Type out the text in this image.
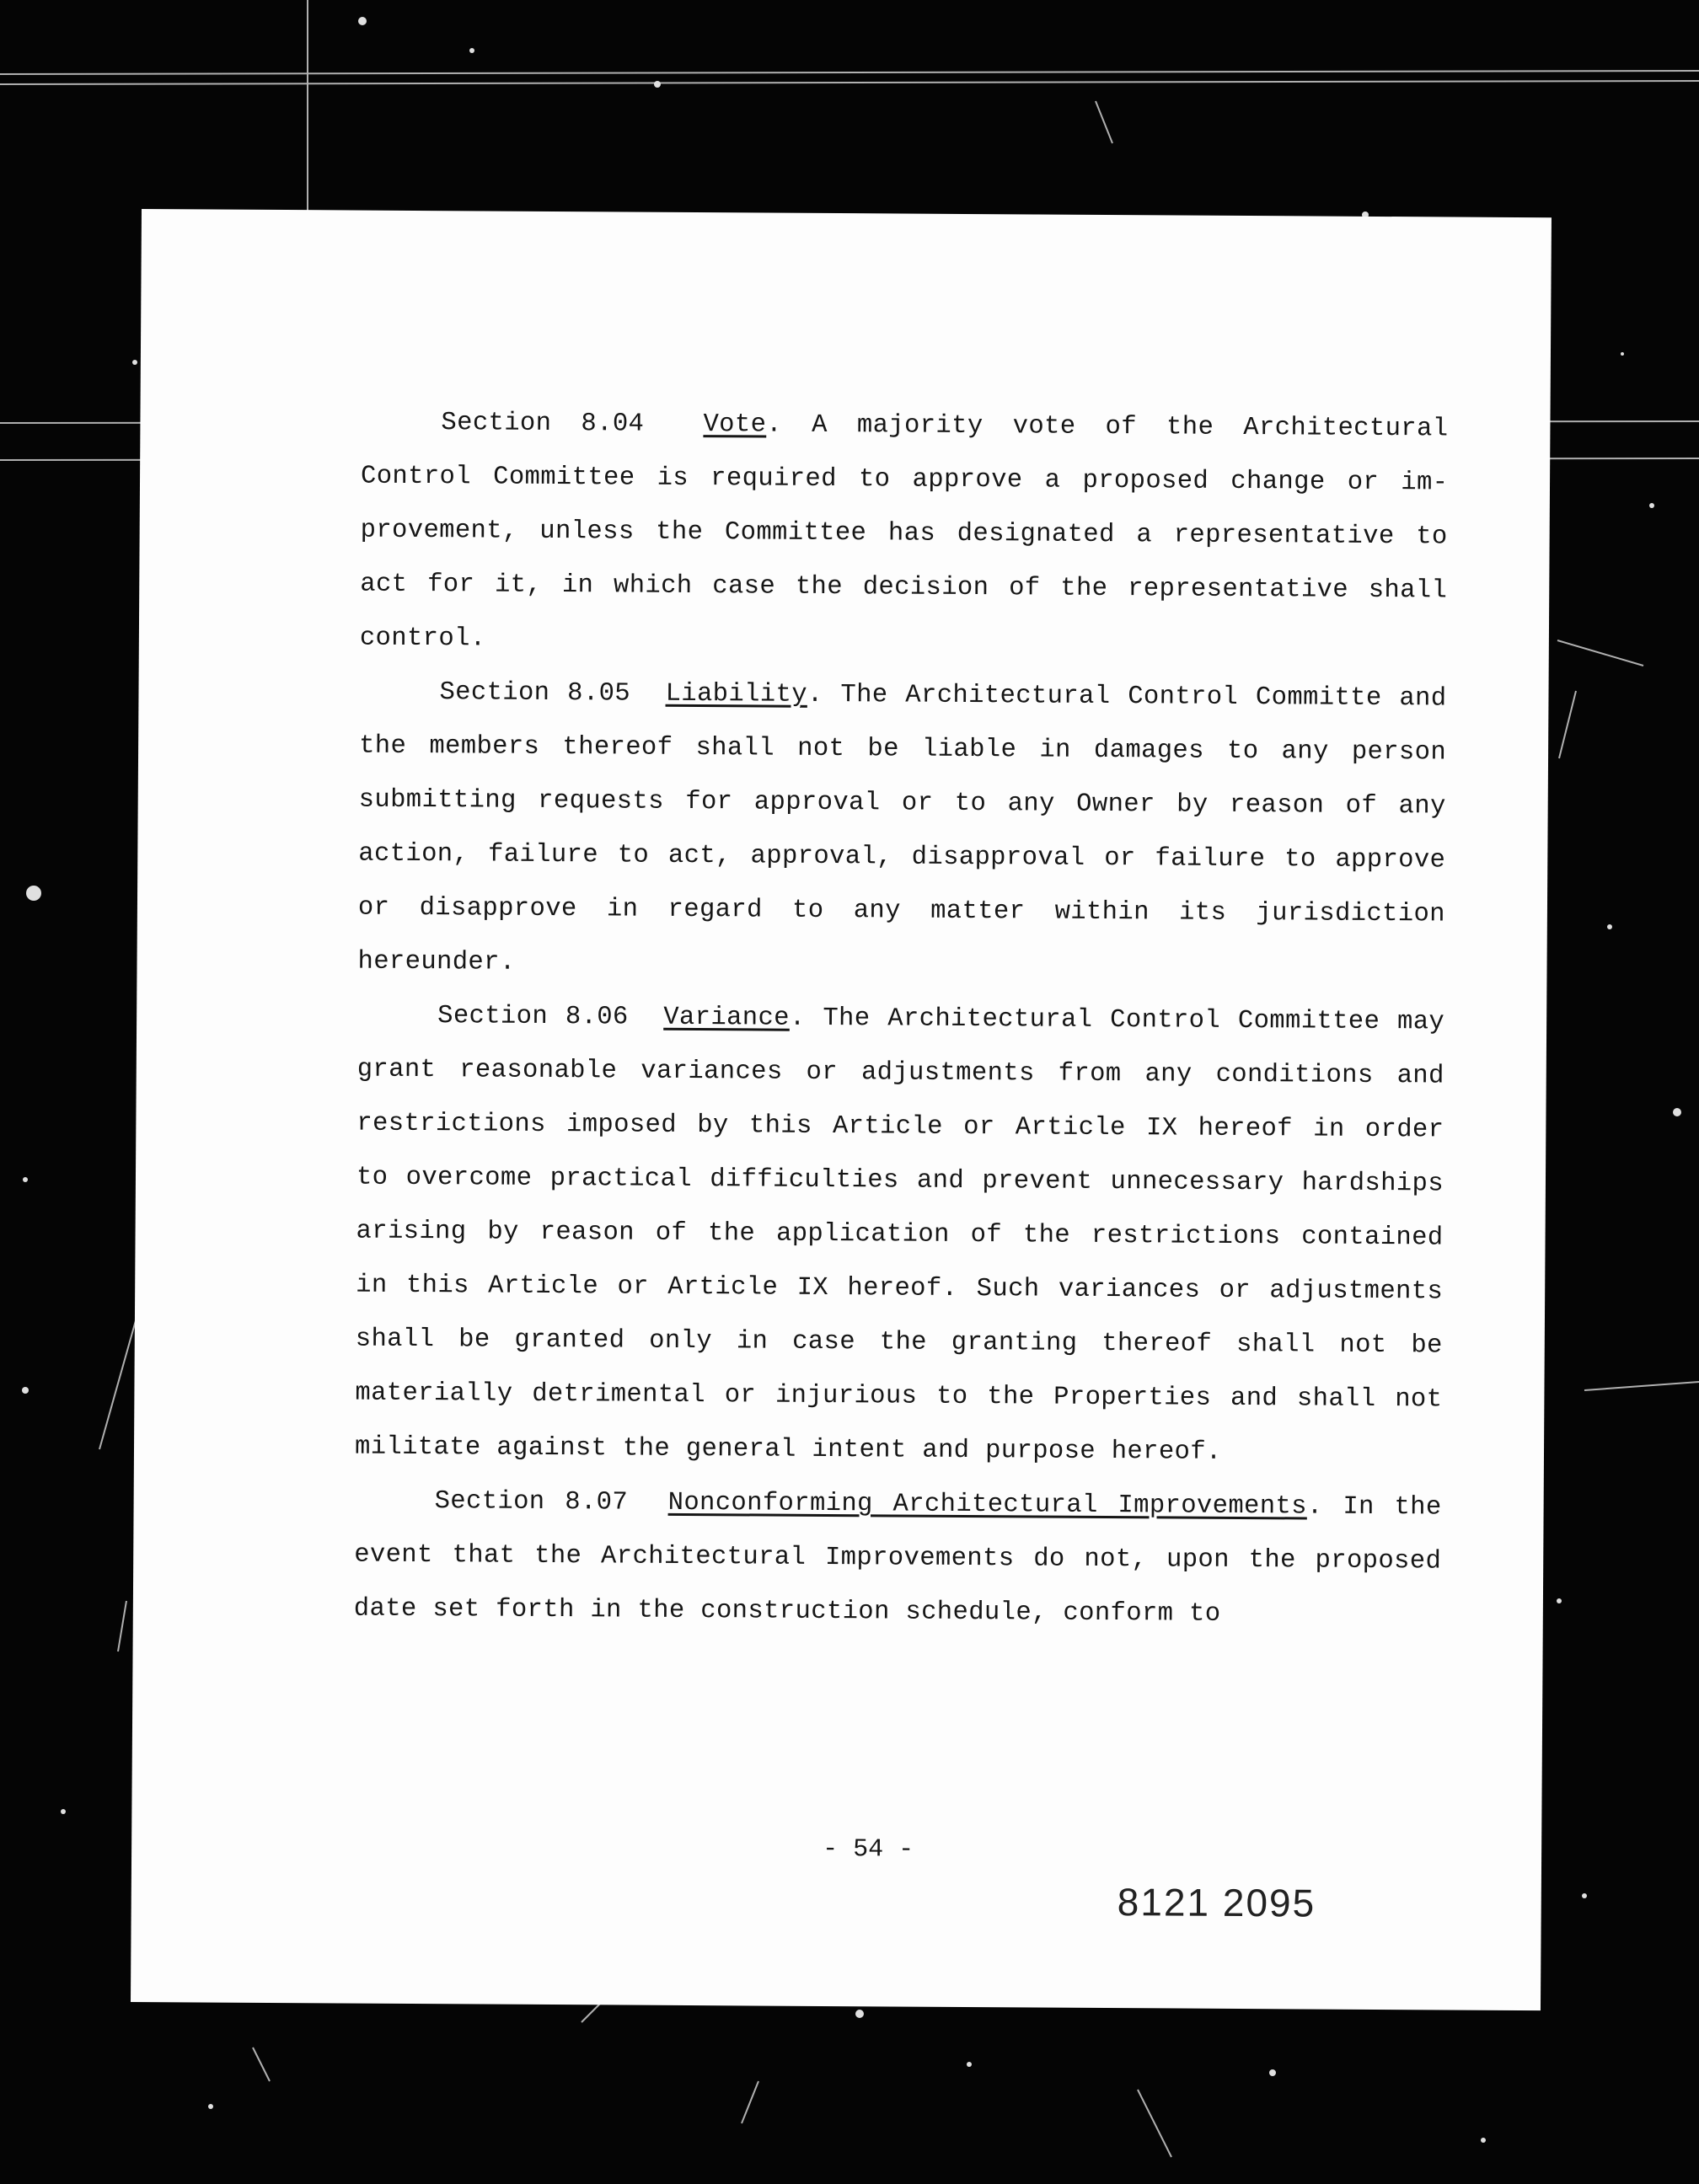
Section 8.04 Vote. A majority vote of the Architectural Control Committee is required to approve a proposed change or improvement, unless the Committee has designated a representative to act for it, in which case the decision of the representative shall control.

Section 8.05 Liability. The Architectural Control Committe and the members thereof shall not be liable in damages to any person submitting requests for approval or to any Owner by reason of any action, failure to act, approval, disapproval or failure to approve or disapprove in regard to any matter within its jurisdiction hereunder.

Section 8.06 Variance. The Architectural Control Committee may grant reasonable variances or adjustments from any conditions and restrictions imposed by this Article or Article IX hereof in order to overcome practical difficulties and prevent unnecessary hardships arising by reason of the application of the restrictions contained in this Article or Article IX hereof. Such variances or adjustments shall be granted only in case the granting thereof shall not be materially detrimental or injurious to the Properties and shall not militate against the general intent and purpose hereof.

Section 8.07 Nonconforming Architectural Improvements. In the event that the Architectural Improvements do not, upon the proposed date set forth in the construction schedule, conform to

- 54 -
8121 2095
